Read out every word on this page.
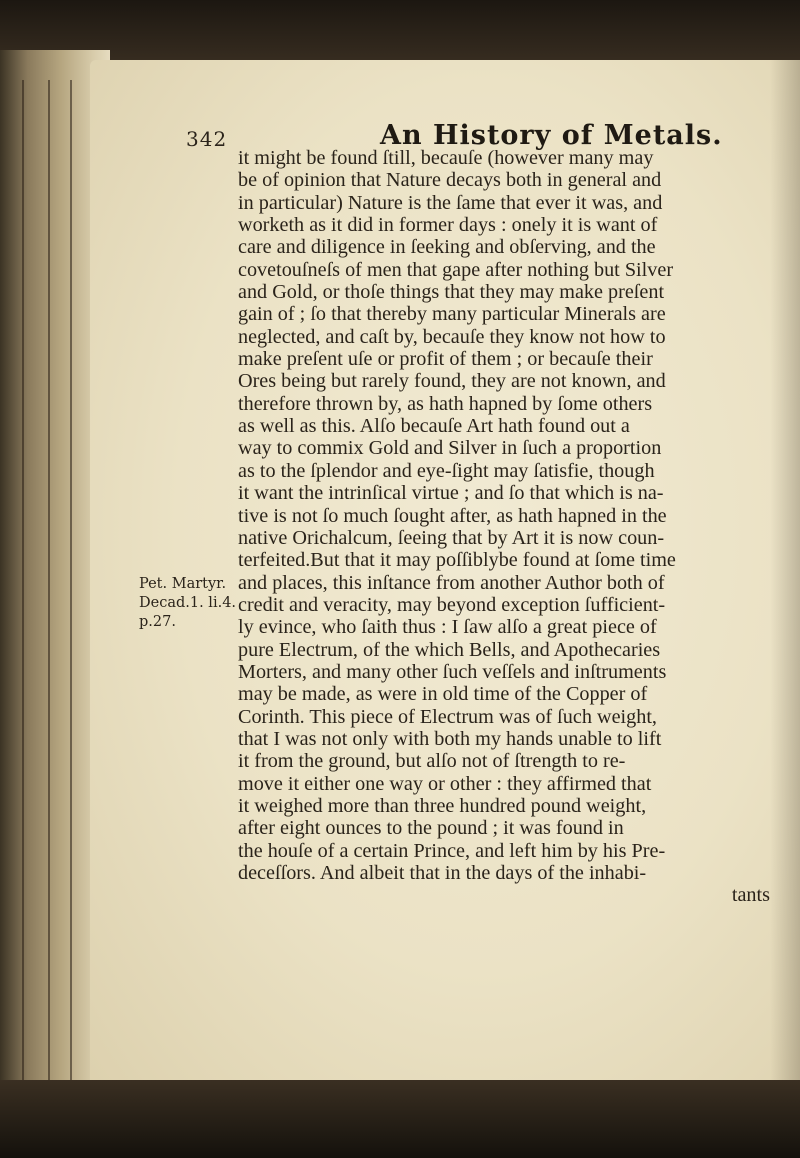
342	An History of Metals.
Pet. Martyr.
Decad.1. li.4.
p.27.
it might be found ſtill, becauſe (however many may
be of opinion that Nature decays both in general and
in particular) Nature is the ſame that ever it was, and
worketh as it did in former days : onely it is want of
care and diligence in ſeeking and obſerving, and the
covetouſneſs of men that gape after nothing but Silver
and Gold, or thoſe things that they may make preſent
gain of ; ſo that thereby many particular Minerals are
neglected, and caſt by, becauſe they know not how to
make preſent uſe or profit of them ; or becauſe their
Ores being but rarely found, they are not known, and
therefore thrown by, as hath hapned by ſome others
as well as this. Alſo becauſe Art hath found out a
way to commix Gold and Silver in ſuch a proportion
as to the ſplendor and eye-ſight may ſatisfie, though
it want the intrinſical virtue ; and ſo that which is na-
tive is not ſo much ſought after, as hath hapned in the
native Orichalcum, ſeeing that by Art it is now coun-
terfeited.But that it may poſſiblybe found at ſome time
and places, this inſtance from another Author both of
credit and veracity, may beyond exception ſufficient-
ly evince, who ſaith thus : I ſaw alſo a great piece of
pure Electrum, of the which Bells, and Apothecaries
Morters, and many other ſuch veſſels and inſtruments
may be made, as were in old time of the Copper of
Corinth. This piece of Electrum was of ſuch weight,
that I was not only with both my hands unable to lift
it from the ground, but alſo not of ſtrength to re-
move it either one way or other : they affirmed that
it weighed more than three hundred pound weight,
after eight ounces to the pound ; it was found in
the houſe of a certain Prince, and left him by his Pre-
deceſſors. And albeit that in the days of the inhabi-
tants
